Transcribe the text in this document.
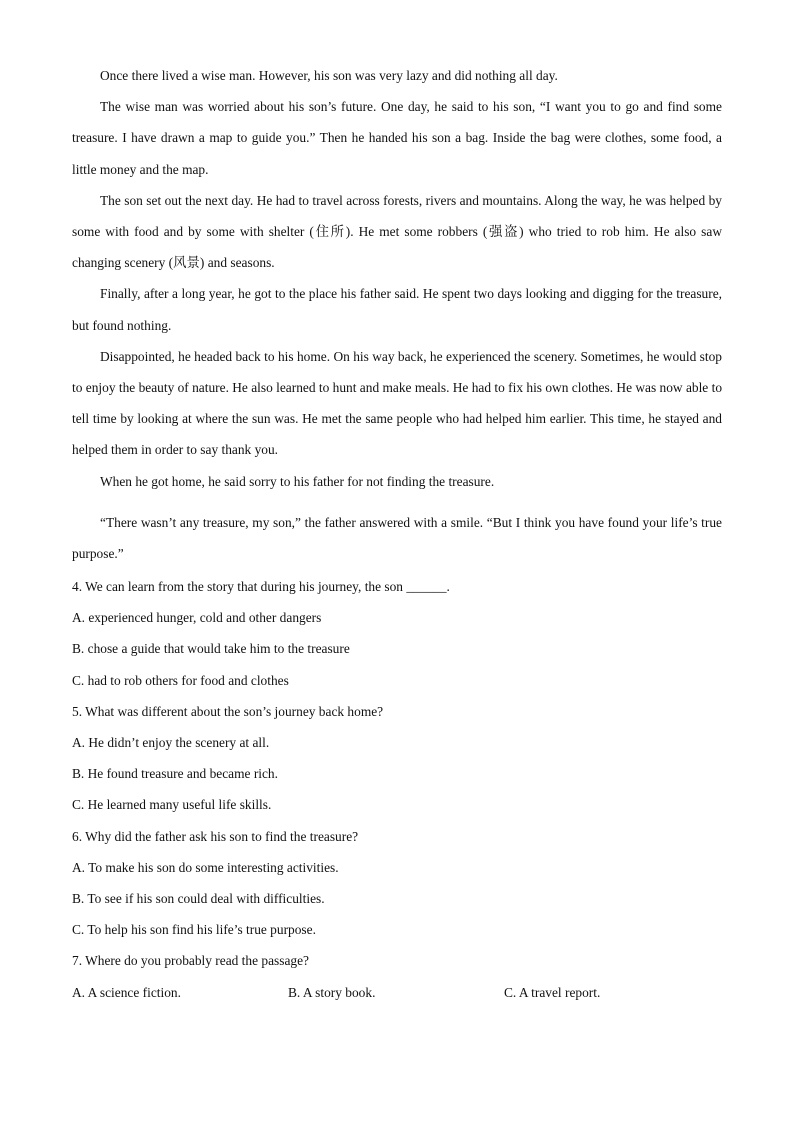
Once there lived a wise man. However, his son was very lazy and did nothing all day.

The wise man was worried about his son’s future. One day, he said to his son, “I want you to go and find some treasure. I have drawn a map to guide you.” Then he handed his son a bag. Inside the bag were clothes, some food, a little money and the map.

The son set out the next day. He had to travel across forests, rivers and mountains. Along the way, he was helped by some with food and by some with shelter (住所). He met some robbers (强盗) who tried to rob him. He also saw changing scenery (风景) and seasons.

Finally, after a long year, he got to the place his father said. He spent two days looking and digging for the treasure, but found nothing.

Disappointed, he headed back to his home. On his way back, he experienced the scenery. Sometimes, he would stop to enjoy the beauty of nature. He also learned to hunt and make meals. He had to fix his own clothes. He was now able to tell time by looking at where the sun was. He met the same people who had helped him earlier. This time, he stayed and helped them in order to say thank you.

When he got home, he said sorry to his father for not finding the treasure.

“There wasn’t any treasure, my son,” the father answered with a smile. “But I think you have found your life’s true purpose.”

4. We can learn from the story that during his journey, the son ______.

A. experienced hunger, cold and other dangers

B. chose a guide that would take him to the treasure

C. had to rob others for food and clothes

5. What was different about the son’s journey back home?

A. He didn’t enjoy the scenery at all.

B. He found treasure and became rich.

C. He learned many useful life skills.

6. Why did the father ask his son to find the treasure?

A. To make his son do some interesting activities.

B. To see if his son could deal with difficulties.

C. To help his son find his life’s true purpose.

7. Where do you probably read the passage?

A. A science fiction.	B. A story book.	C. A travel report.
